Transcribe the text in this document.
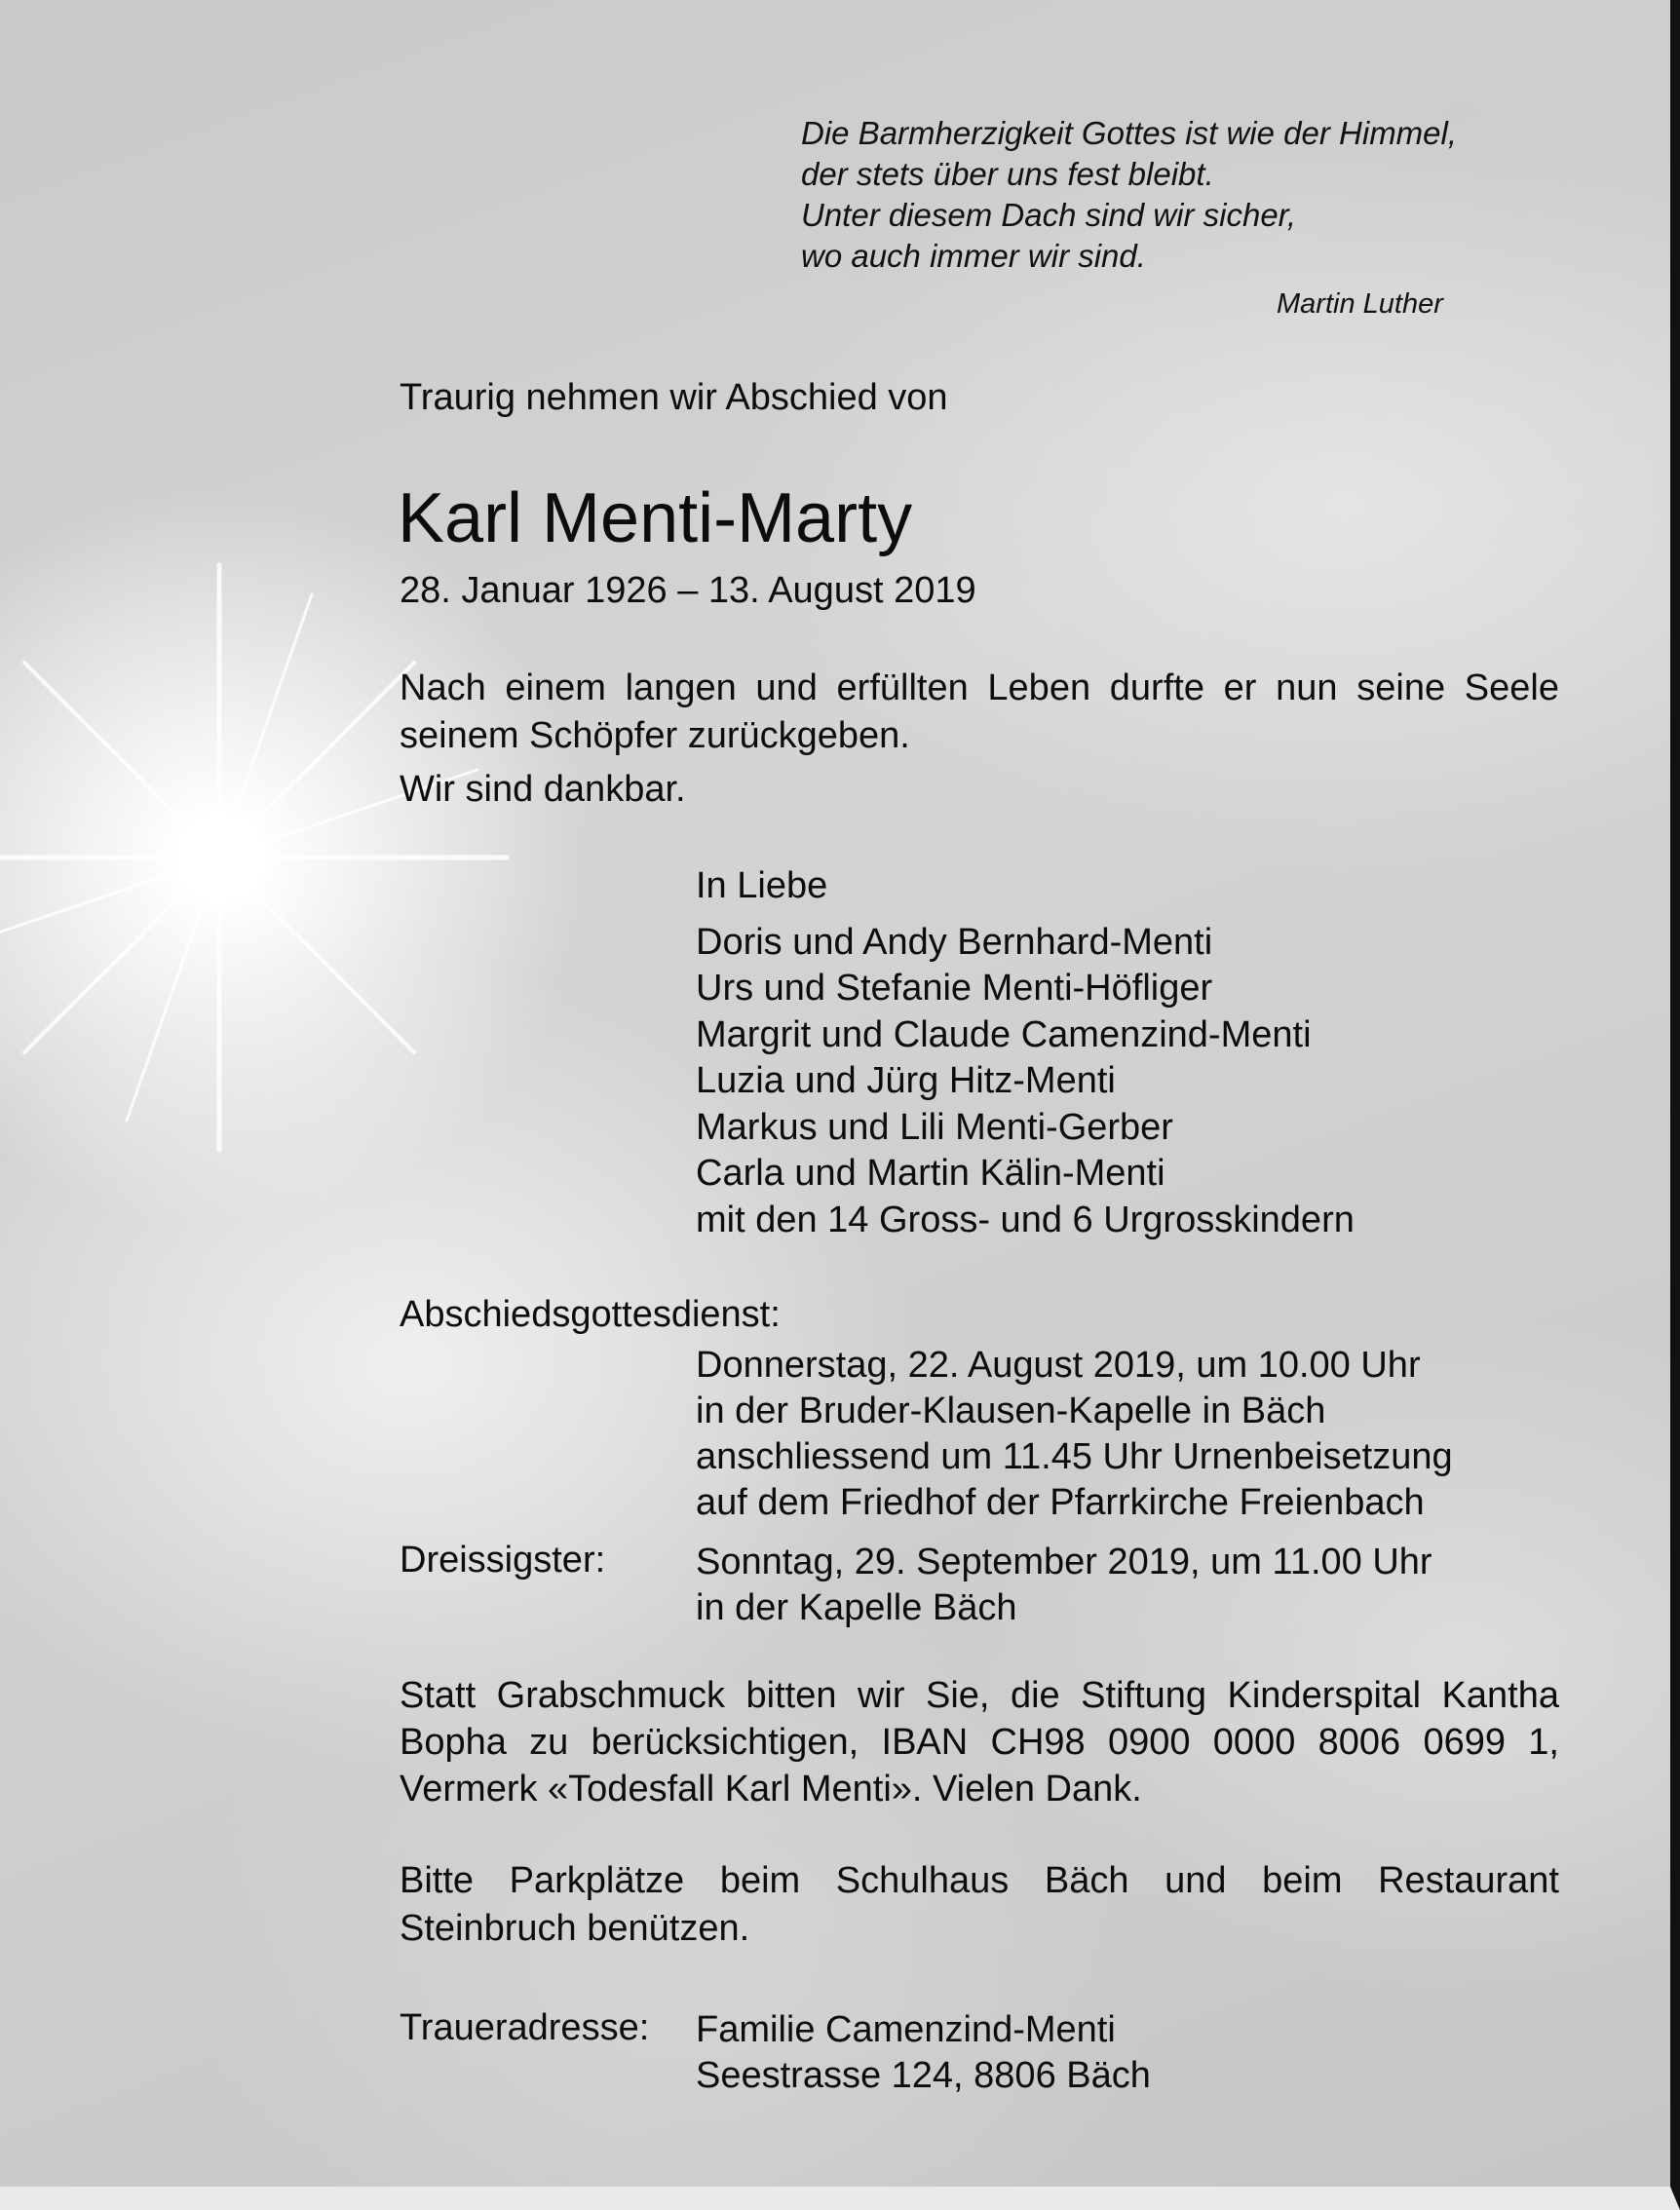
Die Barmherzigkeit Gottes ist wie der Himmel,
der stets über uns fest bleibt.
Unter diesem Dach sind wir sicher,
wo auch immer wir sind.
Martin Luther
Traurig nehmen wir Abschied von
Karl Menti-Marty
28. Januar 1926 – 13. August 2019
Nach einem langen und erfüllten Leben durfte er nun seine Seele seinem Schöpfer zurückgeben.
Wir sind dankbar.
In Liebe
Doris und Andy Bernhard-Menti
Urs und Stefanie Menti-Höfliger
Margrit und Claude Camenzind-Menti
Luzia und Jürg Hitz-Menti
Markus und Lili Menti-Gerber
Carla und Martin Kälin-Menti
mit den 14 Gross- und 6 Urgrosskindern
Abschiedsgottesdienst:
Donnerstag, 22. August 2019, um 10.00 Uhr
in der Bruder-Klausen-Kapelle in Bäch
anschliessend um 11.45 Uhr Urnenbeisetzung
auf dem Friedhof der Pfarrkirche Freienbach
Dreissigster: Sonntag, 29. September 2019, um 11.00 Uhr
in der Kapelle Bäch
Statt Grabschmuck bitten wir Sie, die Stiftung Kinderspital Kantha Bopha zu berücksichtigen, IBAN CH98 0900 0000 8006 0699 1, Vermerk «Todesfall Karl Menti». Vielen Dank.
Bitte Parkplätze beim Schulhaus Bäch und beim Restaurant Steinbruch benützen.
Traueradresse: Familie Camenzind-Menti
Seestrasse 124, 8806 Bäch
